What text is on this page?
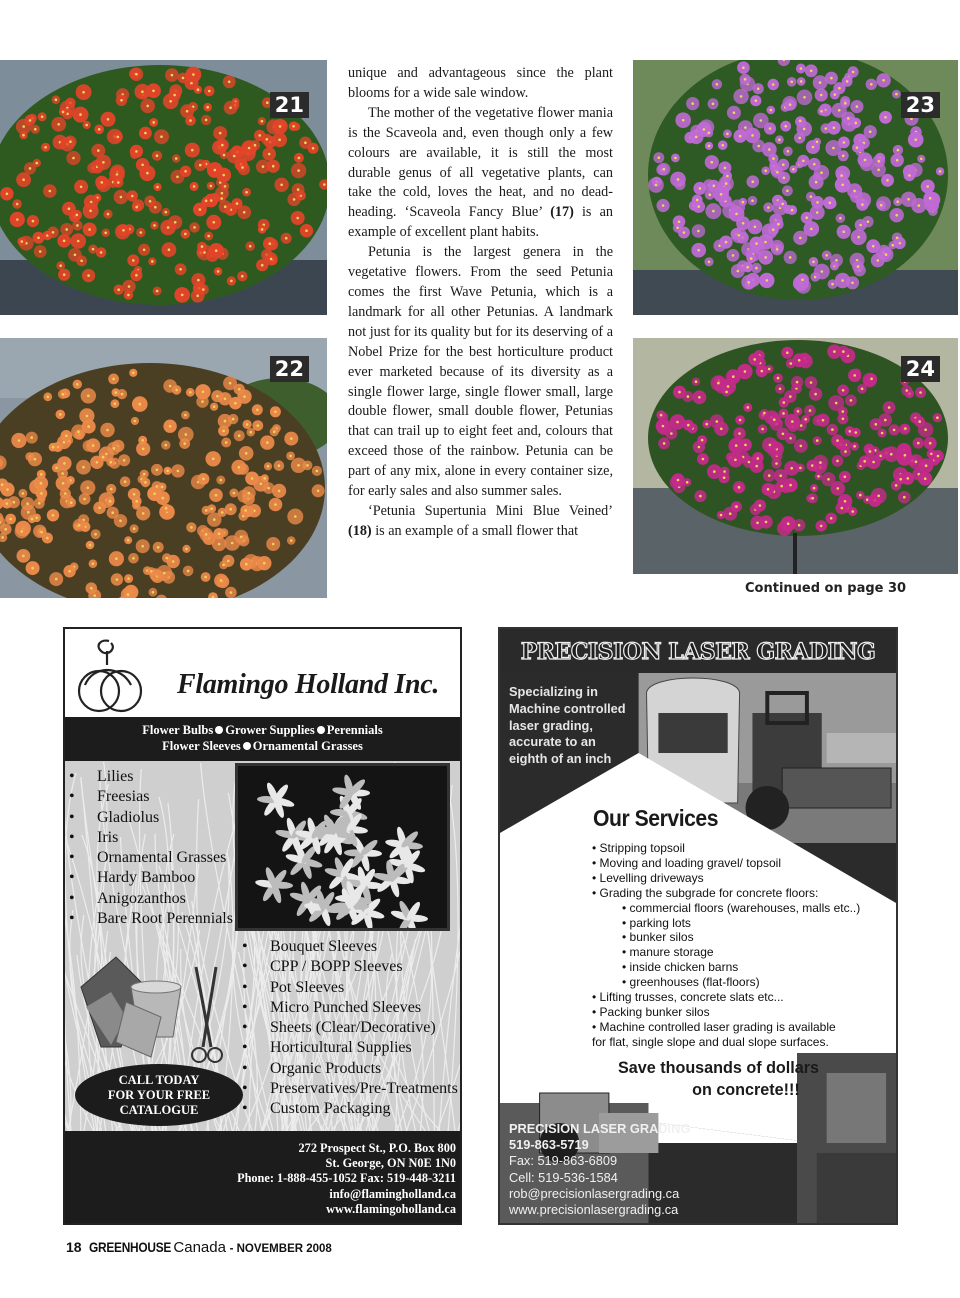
21
22
23
24

unique and advantageous since the plant blooms for a wide sale window.

The mother of the vegetative flower mania is the Scaveola and, even though only a few colours are available, it is still the most durable genus of all vegetative plants, can take the cold, loves the heat, and no dead-heading. ‘Scaveola Fancy Blue’ (17) is an example of excellent plant habits.

Petunia is the largest genera in the vegetative flowers. From the seed Petunia comes the first Wave Petunia, which is a landmark for all other Petunias. A landmark not just for its quality but for its deserving of a Nobel Prize for the best horticulture product ever marketed because of its diversity as a single flower large, single flower small, large double flower, small double flower, Petunias that can trail up to eight feet and, colours that exceed those of the rainbow. Petunia can be part of any mix, alone in every container size, for early sales and also summer sales.

‘Petunia Supertunia Mini Blue Veined’ (18) is an example of a small flower that

Continued on page 30
Flamingo Holland Inc.
Flower Bulbs Grower Supplies Perennials
Flower Sleeves Ornamental Grasses
• Lilies
• Freesias
• Gladiolus
• Iris
• Ornamental Grasses
• Hardy Bamboo
• Anigozanthos
• Bare Root Perennials
• Bouquet Sleeves
• CPP / BOPP Sleeves
• Pot Sleeves
• Micro Punched Sleeves
• Sheets (Clear/Decorative)
• Horticultural Supplies
• Organic Products
• Preservatives/Pre-Treatments
• Custom Packaging
CALL TODAY
FOR YOUR FREE
CATALOGUE
272 Prospect St., P.O. Box 800
St. George, ON N0E 1N0
Phone: 1-888-455-1052 Fax: 519-448-3211
info@flamingholland.ca
www.flamingoholland.ca
PRECISION LASER GRADING
Specializing in
Machine controlled
laser grading,
accurate to an
eighth of an inch
Our Services
• Stripping topsoil
• Moving and loading gravel/ topsoil
• Levelling driveways
• Grading the subgrade for concrete floors:
• commercial floors (warehouses, malls etc..)
• parking lots
• bunker silos
• manure storage
• inside chicken barns
• greenhouses (flat-floors)
• Lifting trusses, concrete slats etc...
• Packing bunker silos
• Machine controlled laser grading is available
for flat, single slope and dual slope surfaces.
Save thousands of dollars
on concrete!!!
PRECISION LASER GRADING
519-863-5719
Fax: 519-863-6809
Cell: 519-536-1584
rob@precisionlasergrading.ca
www.precisionlasergrading.ca
18 GREENHOUSE Canada - NOVEMBER 2008
